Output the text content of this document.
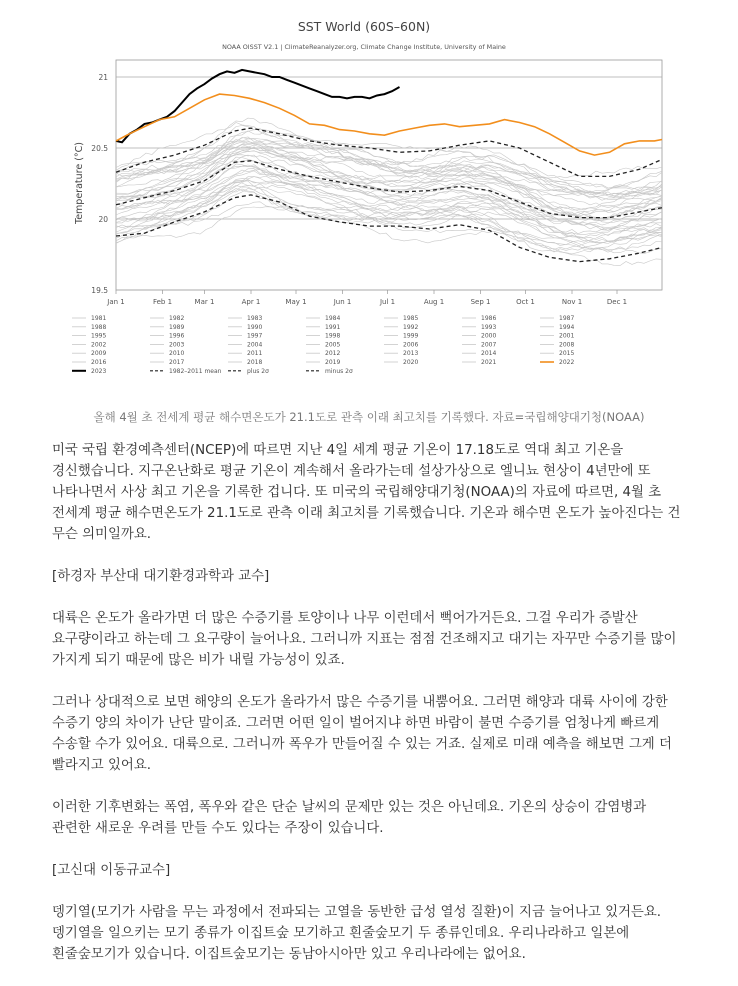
SST World (60S–60N)
NOAA OISST V2.1 | ClimateReanalyzer.org, Climate Change Institute, University of Maine
21
20.5
20
19.5
Jan 1	Feb 1	Mar 1	Apr 1	May 1	Jun 1	Jul 1	Aug 1	Sep 1	Oct 1	Nov 1	Dec 1
Temperature (°C)
1981	1982	1983	1984	1985	1986	1987
1988	1989	1990	1991	1992	1993	1994
1995	1996	1997	1998	1999	2000	2001
2002	2003	2004	2005	2006	2007	2008
2009	2010	2011	2012	2013	2014	2015
2016	2017	2018	2019	2020	2021	2022
2023	1982–2011 mean	plus 2σ	minus 2σ
올해 4월 초 전세계 평균 해수면온도가 21.1도로 관측 이래 최고치를 기록했다. 자료=국립해양대기청(NOAA)

미국 국립 환경예측센터(NCEP)에 따르면 지난 4일 세계 평균 기온이 17.18도로 역대 최고 기온을 경신했습니다. 지구온난화로 평균 기온이 계속해서 올라가는데 설상가상으로 엘니뇨 현상이 4년만에 또 나타나면서 사상 최고 기온을 기록한 겁니다. 또 미국의 국립해양대기청(NOAA)의 자료에 따르면, 4월 초 전세계 평균 해수면온도가 21.1도로 관측 이래 최고치를 기록했습니다. 기온과 해수면 온도가 높아진다는 건 무슨 의미일까요.

[하경자 부산대 대기환경과학과 교수]

대륙은 온도가 올라가면 더 많은 수증기를 토양이나 나무 이런데서 뻑어가거든요. 그걸 우리가 증발산 요구량이라고 하는데 그 요구량이 늘어나요. 그러니까 지표는 점점 건조해지고 대기는 자꾸만 수증기를 많이 가지게 되기 때문에 많은 비가 내릴 가능성이 있죠.

그러나 상대적으로 보면 해양의 온도가 올라가서 많은 수증기를 내뿜어요. 그러면 해양과 대륙 사이에 강한 수증기 양의 차이가 난단 말이죠. 그러면 어떤 일이 벌어지냐 하면 바람이 불면 수증기를 엄청나게 빠르게 수송할 수가 있어요. 대륙으로. 그러니까 폭우가 만들어질 수 있는 거죠. 실제로 미래 예측을 해보면 그게 더 빨라지고 있어요.

이러한 기후변화는 폭염, 폭우와 같은 단순 날씨의 문제만 있는 것은 아닌데요. 기온의 상승이 감염병과 관련한 새로운 우려를 만들 수도 있다는 주장이 있습니다.

[고신대 이동규교수]

뎅기열(모기가 사람을 무는 과정에서 전파되는 고열을 동반한 급성 열성 질환)이 지금 늘어나고 있거든요. 뎅기열을 일으키는 모기 종류가 이집트숲 모기하고 흰줄숲모기 두 종류인데요. 우리나라하고 일본에 흰줄숲모기가 있습니다. 이집트숲모기는 동남아시아만 있고 우리나라에는 없어요.
